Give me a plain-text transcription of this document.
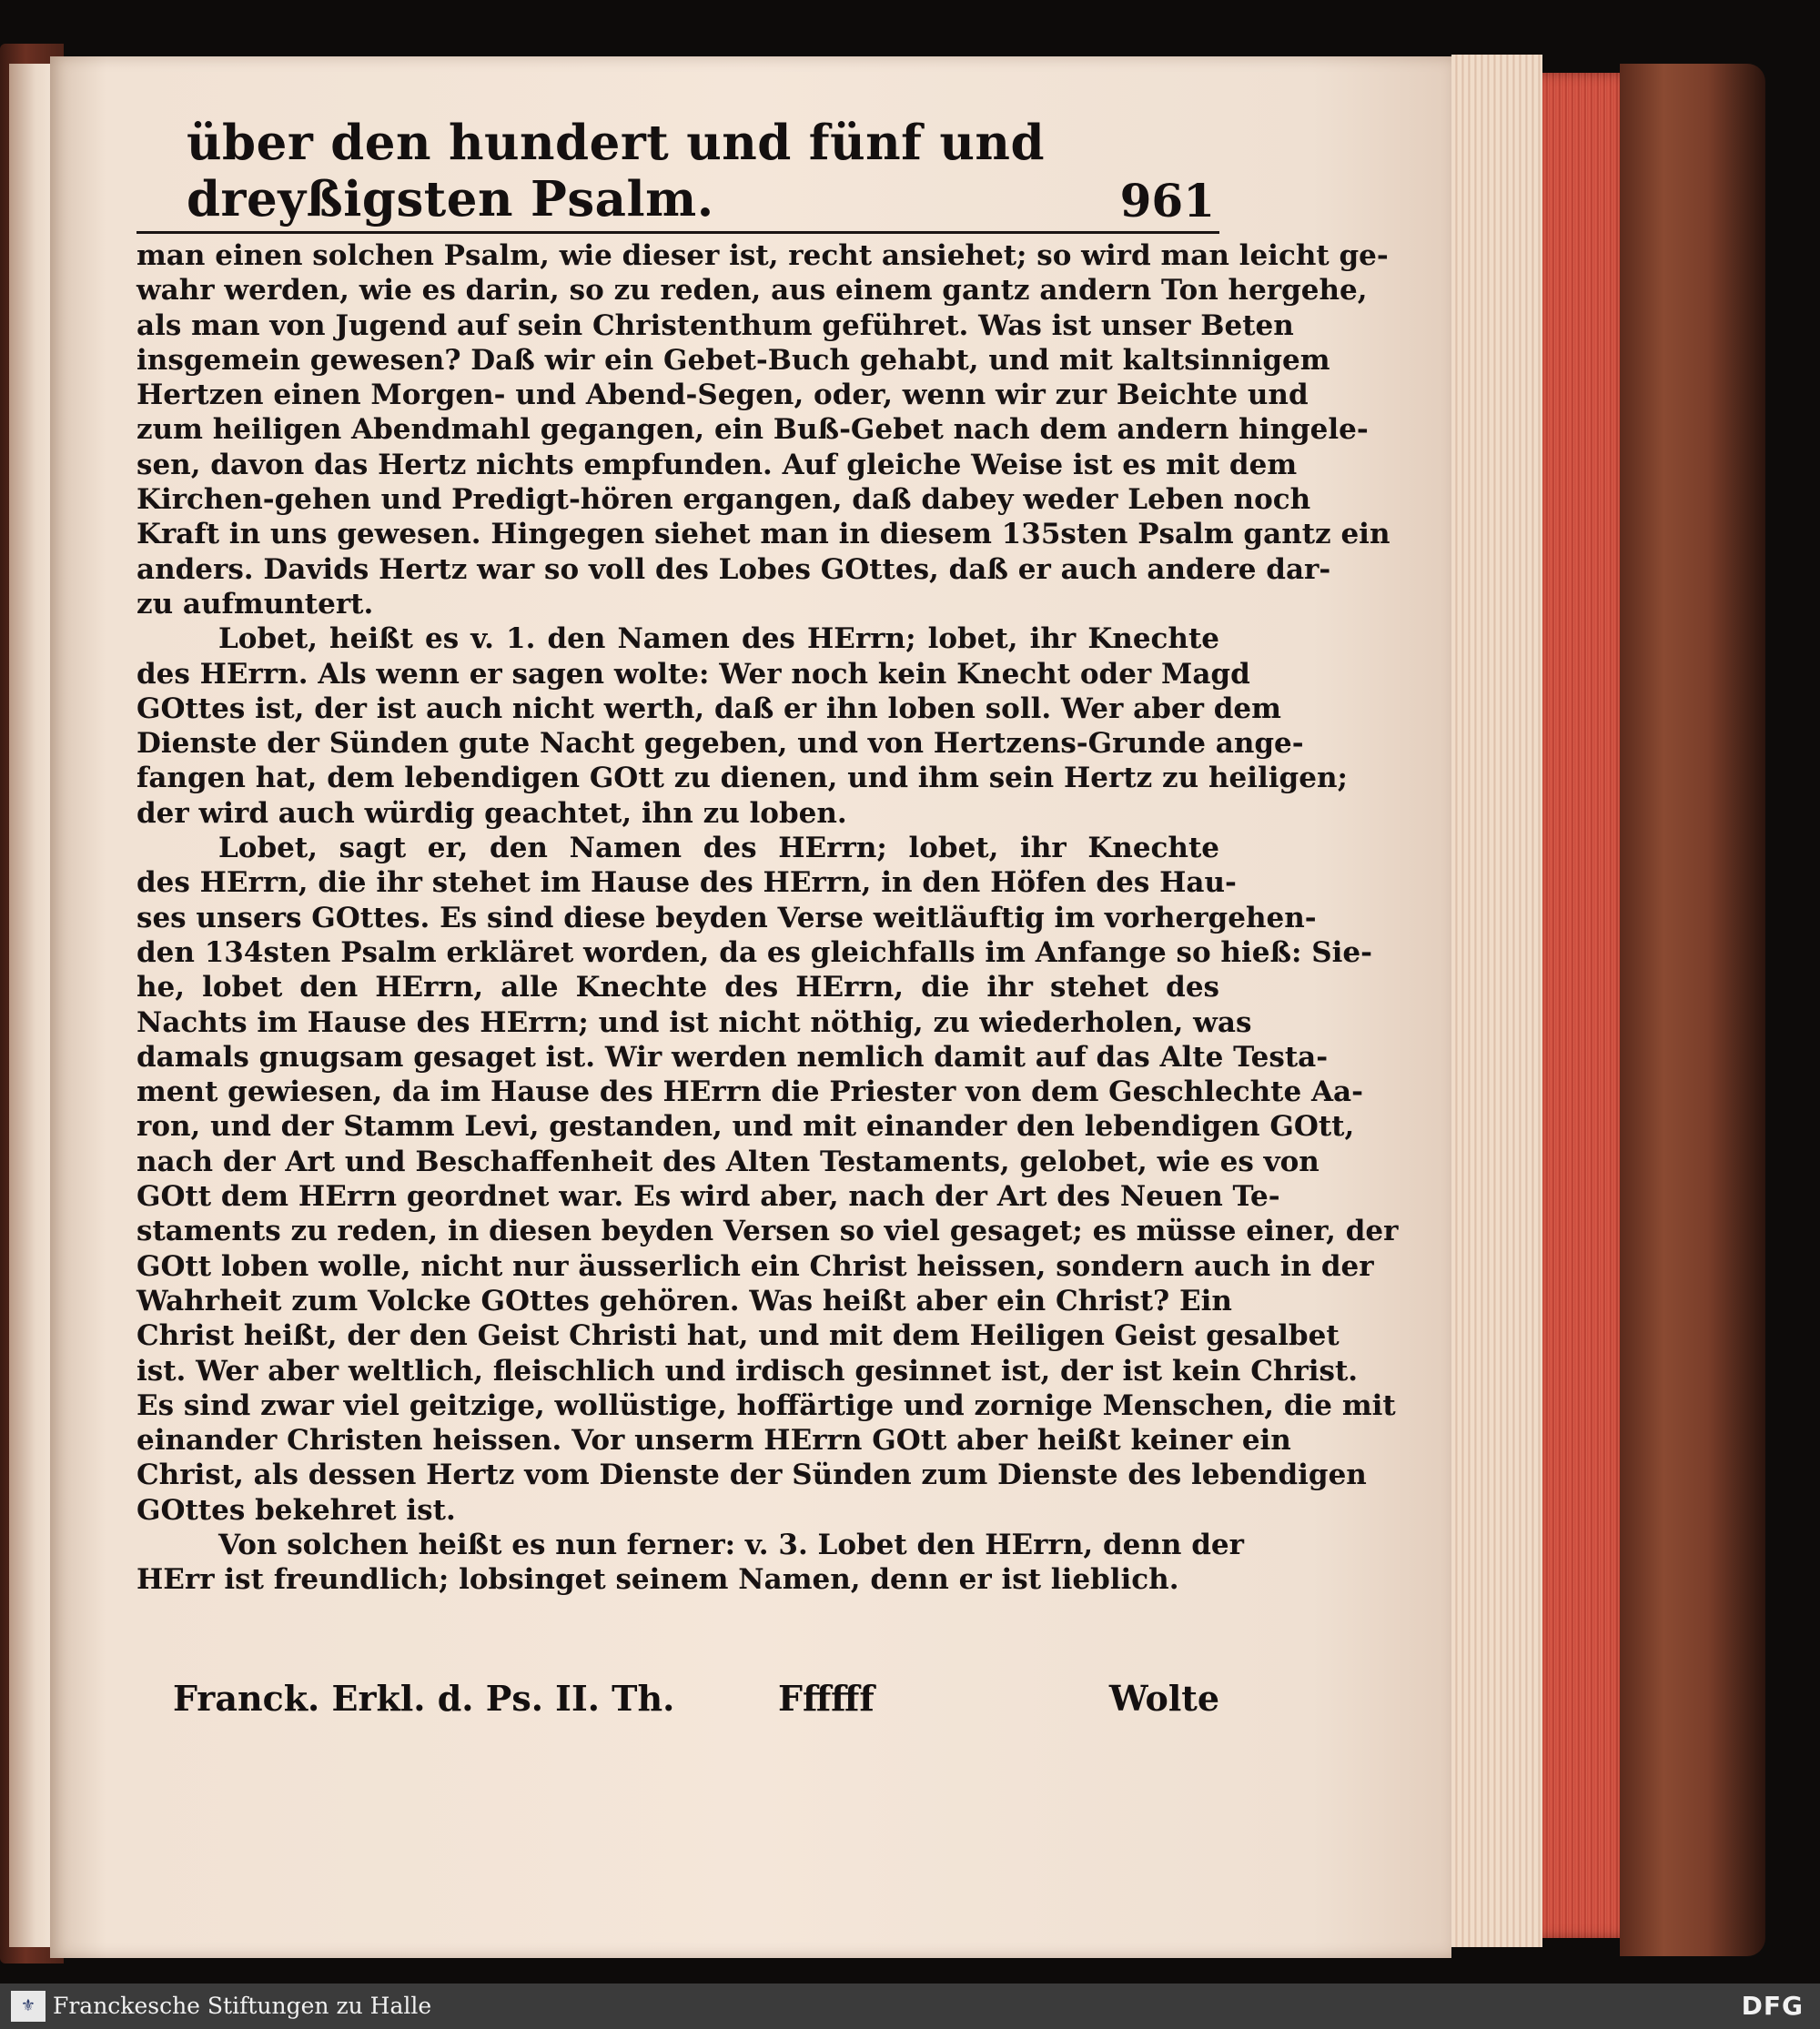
über den hundert und fünf und dreyßigsten Psalm.	961
man einen solchen Psalm, wie dieser ist, recht ansiehet; so wird man leicht ge-
wahr werden, wie es darin, so zu reden, aus einem gantz andern Ton hergehe,
als man von Jugend auf sein Christenthum geführet. Was ist unser Beten
insgemein gewesen? Daß wir ein Gebet-Buch gehabt, und mit kaltsinnigem
Hertzen einen Morgen- und Abend-Segen, oder, wenn wir zur Beichte und
zum heiligen Abendmahl gegangen, ein Buß-Gebet nach dem andern hingele-
sen, davon das Hertz nichts empfunden. Auf gleiche Weise ist es mit dem
Kirchen-gehen und Predigt-hören ergangen, daß dabey weder Leben noch
Kraft in uns gewesen. Hingegen siehet man in diesem 135sten Psalm gantz ein
anders. Davids Hertz war so voll des Lobes GOttes, daß er auch andere dar-
zu aufmuntert.
Lobet, heißt es v. 1. den Namen des HErrn; lobet, ihr Knechte
des HErrn. Als wenn er sagen wolte: Wer noch kein Knecht oder Magd
GOttes ist, der ist auch nicht werth, daß er ihn loben soll. Wer aber dem
Dienste der Sünden gute Nacht gegeben, und von Hertzens-Grunde ange-
fangen hat, dem lebendigen GOtt zu dienen, und ihm sein Hertz zu heiligen;
der wird auch würdig geachtet, ihn zu loben.
Lobet, sagt er, den Namen des HErrn; lobet, ihr Knechte
des HErrn, die ihr stehet im Hause des HErrn, in den Höfen des Hau-
ses unsers GOttes. Es sind diese beyden Verse weitläuftig im vorhergehen-
den 134sten Psalm erkläret worden, da es gleichfalls im Anfange so hieß: Sie-
he, lobet den HErrn, alle Knechte des HErrn, die ihr stehet des
Nachts im Hause des HErrn; und ist nicht nöthig, zu wiederholen, was
damals gnugsam gesaget ist. Wir werden nemlich damit auf das Alte Testa-
ment gewiesen, da im Hause des HErrn die Priester von dem Geschlechte Aa-
ron, und der Stamm Levi, gestanden, und mit einander den lebendigen GOtt,
nach der Art und Beschaffenheit des Alten Testaments, gelobet, wie es von
GOtt dem HErrn geordnet war. Es wird aber, nach der Art des Neuen Te-
staments zu reden, in diesen beyden Versen so viel gesaget; es müsse einer, der
GOtt loben wolle, nicht nur äusserlich ein Christ heissen, sondern auch in der
Wahrheit zum Volcke GOttes gehören. Was heißt aber ein Christ? Ein
Christ heißt, der den Geist Christi hat, und mit dem Heiligen Geist gesalbet
ist. Wer aber weltlich, fleischlich und irdisch gesinnet ist, der ist kein Christ.
Es sind zwar viel geitzige, wollüstige, hoffärtige und zornige Menschen, die mit
einander Christen heissen. Vor unserm HErrn GOtt aber heißt keiner ein
Christ, als dessen Hertz vom Dienste der Sünden zum Dienste des lebendigen
GOttes bekehret ist.
Von solchen heißt es nun ferner: v. 3. Lobet den HErrn, denn der
HErr ist freundlich; lobsinget seinem Namen, denn er ist lieblich.
Franck. Erkl. d. Ps. II. Th.	Ffffff	Wolte
⚜ Franckesche Stiftungen zu Halle	DFG
